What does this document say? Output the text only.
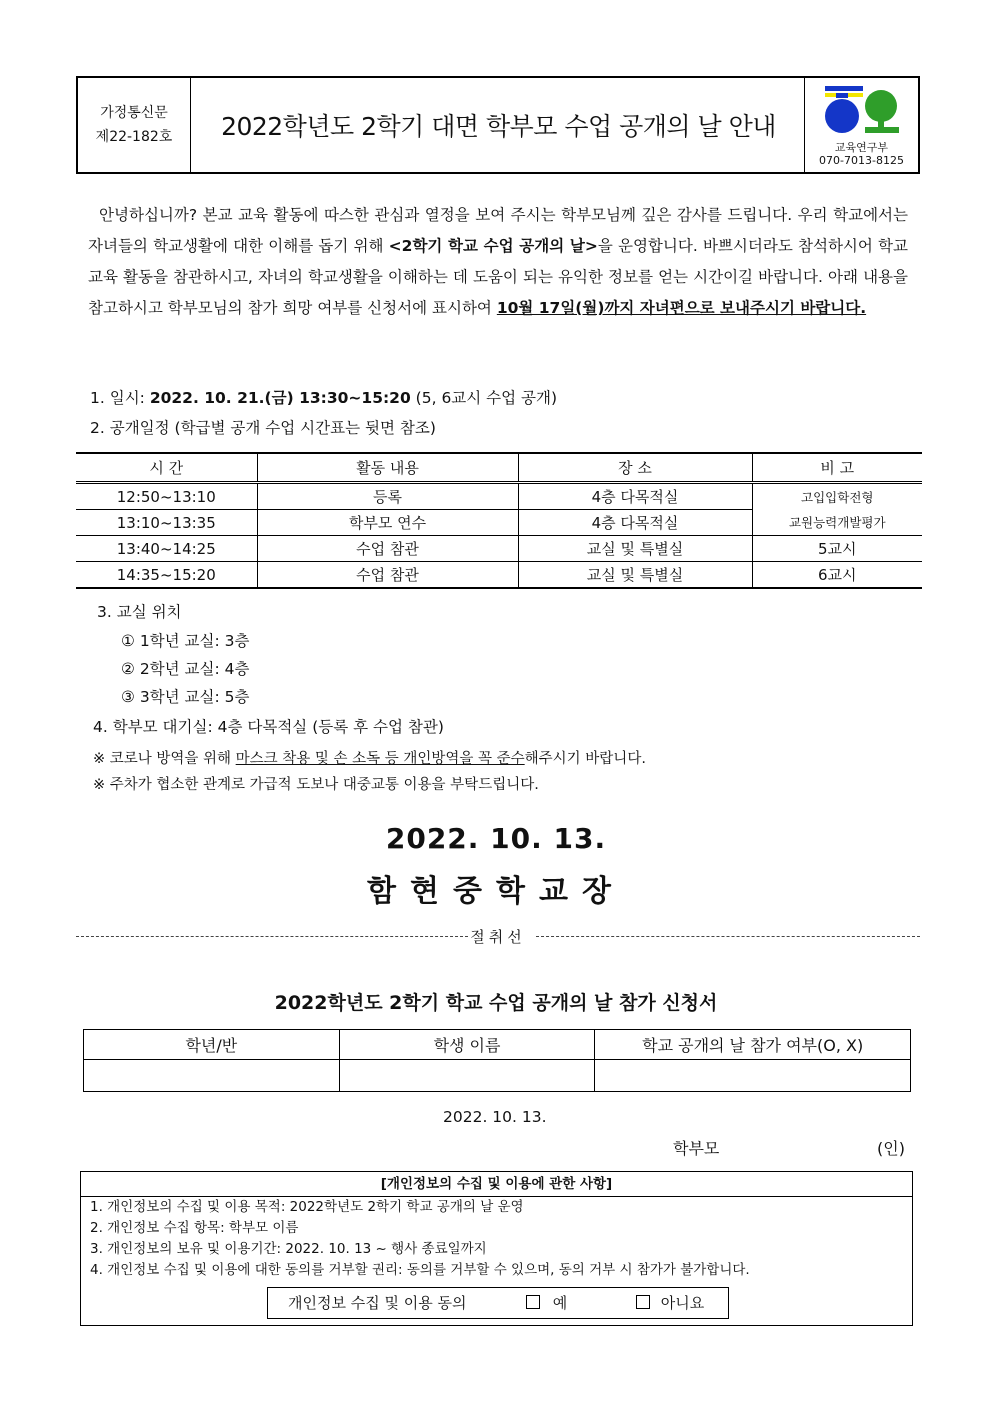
가정통신문
제22-182호	2022학년도 2학기 대면 학부모 수업 공개의 날 안내
교육연구부
070-7013-8125

안녕하십니까? 본교 교육 활동에 따스한 관심과 열정을 보여 주시는 학부모님께 깊은 감사를 드립니다. 우리 학교에서는 자녀들의 학교생활에 대한 이해를 돕기 위해 <2학기 학교 수업 공개의 날>을 운영합니다. 바쁘시더라도 참석하시어 학교 교육 활동을 참관하시고, 자녀의 학교생활을 이해하는 데 도움이 되는 유익한 정보를 얻는 시간이길 바랍니다. 아래 내용을 참고하시고 학부모님의 참가 희망 여부를 신청서에 표시하여 10월 17일(월)까지 자녀편으로 보내주시기 바랍니다.

1. 일시: 2022. 10. 21.(금) 13:30~15:20 (5, 6교시 수업 공개)
2. 공개일정 (학급별 공개 수업 시간표는 뒷면 참조)
시 간	활동 내용	장 소	비 고
12:50~13:10	등록	4층 다목적실	고입입학전형
교원능력개발평가

13:10~13:35	학부모 연수	4층 다목적실	
13:40~14:25	수업 참관	교실 및 특별실	5교시
14:35~15:20	수업 참관	교실 및 특별실	6교시
3. 교실 위치
① 1학년 교실: 3층
② 2학년 교실: 4층
③ 3학년 교실: 5층
4. 학부모 대기실: 4층 다목적실 (등록 후 수업 참관)
※ 코로나 방역을 위해 마스크 착용 및 손 소독 등 개인방역을 꼭 준수해주시기 바랍니다.
※ 주차가 협소한 관계로 가급적 도보나 대중교통 이용을 부탁드립니다.
2022. 10. 13.
함현중학교장
절취선
2022학년도 2학기 학교 수업 공개의 날 참가 신청서
학년/반	학생 이름	학교 공개의 날 참가 여부(O, X)

2022. 10. 13.
학부모	(인)
[개인정보의 수집 및 이용에 관한 사항]
1. 개인정보의 수집 및 이용 목적: 2022학년도 2학기 학교 공개의 날 운영
2. 개인정보 수집 항목: 학부모 이름
3. 개인정보의 보유 및 이용기간: 2022. 10. 13 ~ 행사 종료일까지
4. 개인정보 수집 및 이용에 대한 동의를 거부할 권리: 동의를 거부할 수 있으며, 동의 거부 시 참가가 불가합니다.
개인정보 수집 및 이용 동의	예	아니요
